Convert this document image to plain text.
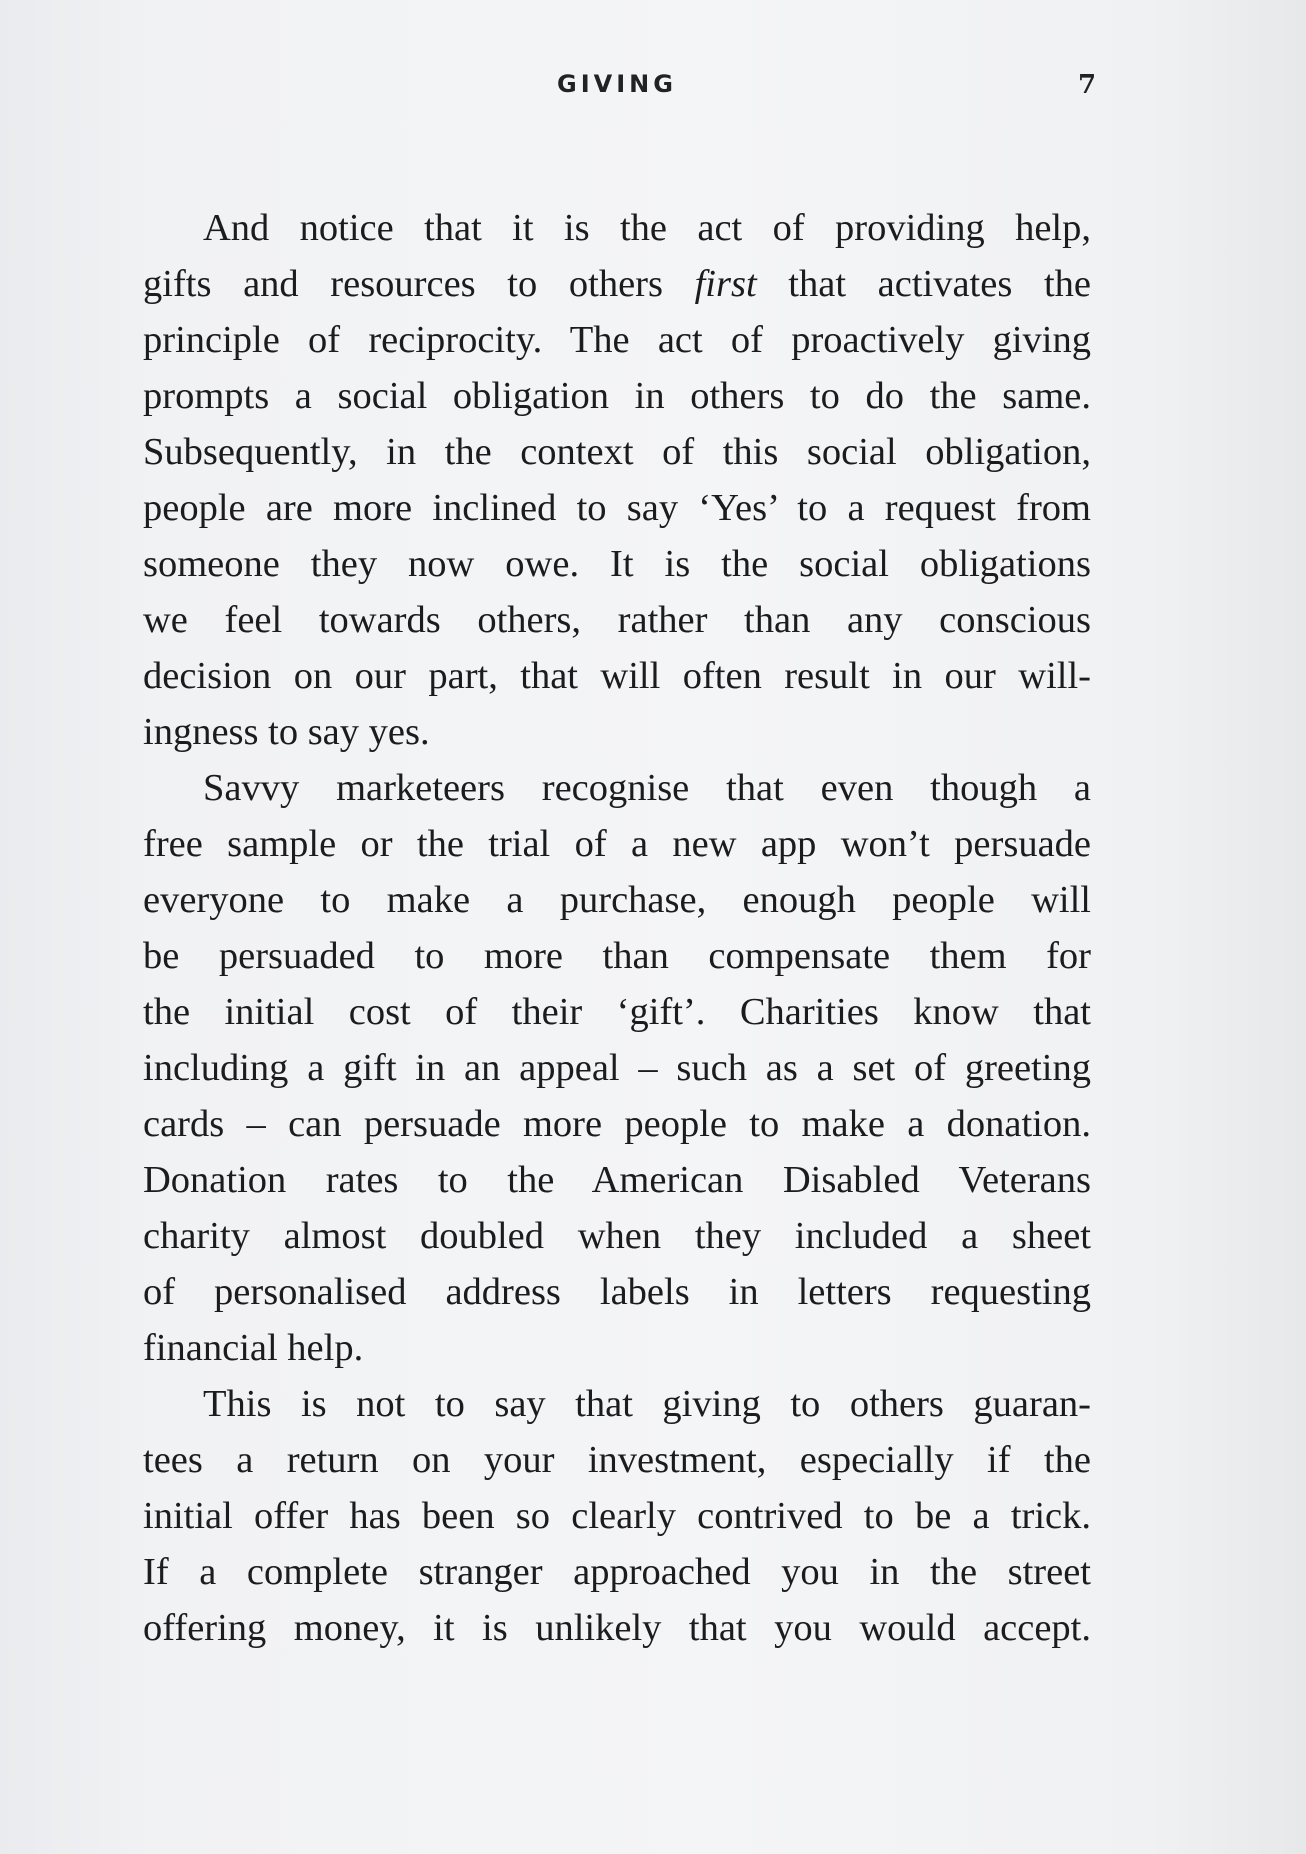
GIVING	7
And notice that it is the act of providing help,
gifts and resources to others first that activates the
principle of reciprocity. The act of proactively giving
prompts a social obligation in others to do the same.
Subsequently, in the context of this social obligation,
people are more inclined to say ‘Yes’ to a request from
someone they now owe. It is the social obligations
we feel towards others, rather than any conscious
decision on our part, that will often result in our will-
ingness to say yes.
Savvy marketeers recognise that even though a
free sample or the trial of a new app won’t persuade
everyone to make a purchase, enough people will
be persuaded to more than compensate them for
the initial cost of their ‘gift’. Charities know that
including a gift in an appeal – such as a set of greeting
cards – can persuade more people to make a donation.
Donation rates to the American Disabled Veterans
charity almost doubled when they included a sheet
of personalised address labels in letters requesting
financial help.
This is not to say that giving to others guaran-
tees a return on your investment, especially if the
initial offer has been so clearly contrived to be a trick.
If a complete stranger approached you in the street
offering money, it is unlikely that you would accept.
